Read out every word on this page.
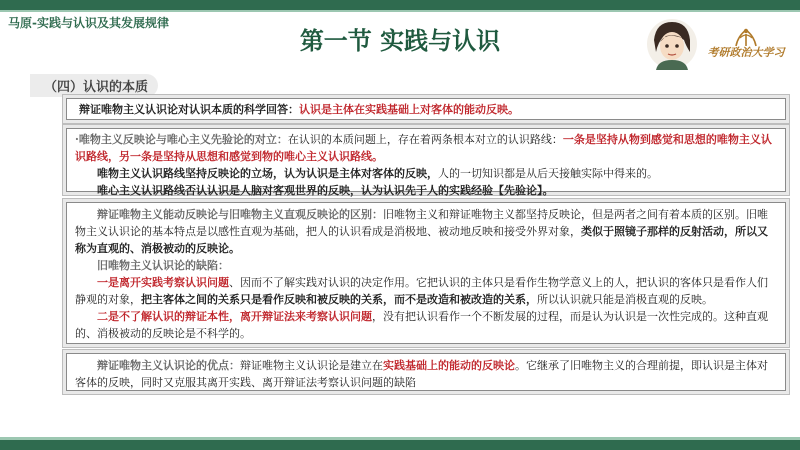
马原-实践与认识及其发展规律
第一节 实践与认识	考研政治大学习
（四）认识的本质

辩证唯物主义认识论对认识本质的科学回答：认识是主体在实践基础上对客体的能动反映。

·唯物主义反映论与唯心主义先验论的对立：在认识的本质问题上，存在着两条根本对立的认识路线：一条是坚持从物到感觉和思想的唯物主义认识路线，另一条是坚持从思想和感觉到物的唯心主义认识路线。

唯物主义认识路线坚持反映论的立场，认为认识是主体对客体的反映，人的一切知识都是从后天接触实际中得来的。

唯心主义认识路线否认认识是人脑对客观世界的反映，认为认识先于人的实践经验【先验论】。

辩证唯物主义能动反映论与旧唯物主义直观反映论的区别：旧唯物主义和辩证唯物主义都坚持反映论，但是两者之间有着本质的区别。旧唯物主义认识论的基本特点是以感性直观为基础，把人的认识看成是消极地、被动地反映和接受外界对象，类似于照镜子那样的反射活动，所以又称为直观的、消极被动的反映论。

旧唯物主义认识论的缺陷：

一是离开实践考察认识问题、因而不了解实践对认识的决定作用。它把认识的主体只是看作生物学意义上的人，把认识的客体只是看作人们静观的对象，把主客体之间的关系只是看作反映和被反映的关系，而不是改造和被改造的关系，所以认识就只能是消极直观的反映。

二是不了解认识的辩证本性，离开辩证法来考察认识问题，没有把认识看作一个不断发展的过程，而是认为认识是一次性完成的。这种直观的、消极被动的反映论是不科学的。

辩证唯物主义认识论的优点：辩证唯物主义认识论是建立在实践基础上的能动的反映论。它继承了旧唯物主义的合理前提，即认识是主体对客体的反映，同时又克服其离开实践、离开辩证法考察认识问题的缺陷
